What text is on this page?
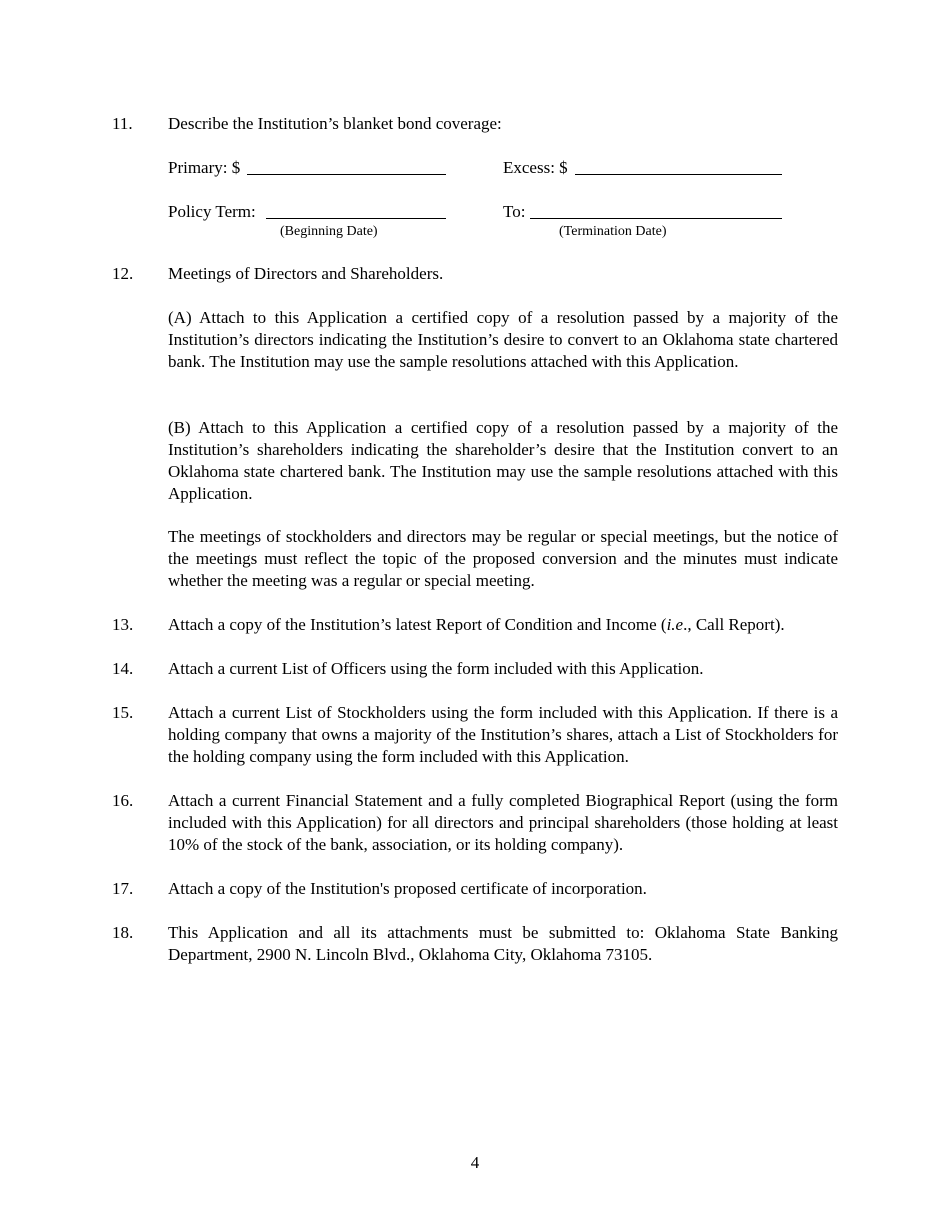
11. Describe the Institution’s blanket bond coverage:
Primary: $	Excess: $
Policy Term:
(Beginning Date)
To:
(Termination Date)
12. Meetings of Directors and Shareholders.
(A) Attach to this Application a certified copy of a resolution passed by a majority of the Institution’s directors indicating the Institution’s desire to convert to an Oklahoma state chartered bank. The Institution may use the sample resolutions attached with this Application.
(B) Attach to this Application a certified copy of a resolution passed by a majority of the Institution’s shareholders indicating the shareholder’s desire that the Institution convert to an Oklahoma state chartered bank. The Institution may use the sample resolutions attached with this Application.
The meetings of stockholders and directors may be regular or special meetings, but the notice of the meetings must reflect the topic of the proposed conversion and the minutes must indicate whether the meeting was a regular or special meeting.
13. Attach a copy of the Institution’s latest Report of Condition and Income (i.e., Call Report).
14. Attach a current List of Officers using the form included with this Application.
15. Attach a current List of Stockholders using the form included with this Application. If there is a holding company that owns a majority of the Institution’s shares, attach a List of Stockholders for the holding company using the form included with this Application.
16. Attach a current Financial Statement and a fully completed Biographical Report (using the form included with this Application) for all directors and principal shareholders (those holding at least 10% of the stock of the bank, association, or its holding company).
17. Attach a copy of the Institution's proposed certificate of incorporation.
18. This Application and all its attachments must be submitted to: Oklahoma State Banking Department, 2900 N. Lincoln Blvd., Oklahoma City, Oklahoma 73105.
4
